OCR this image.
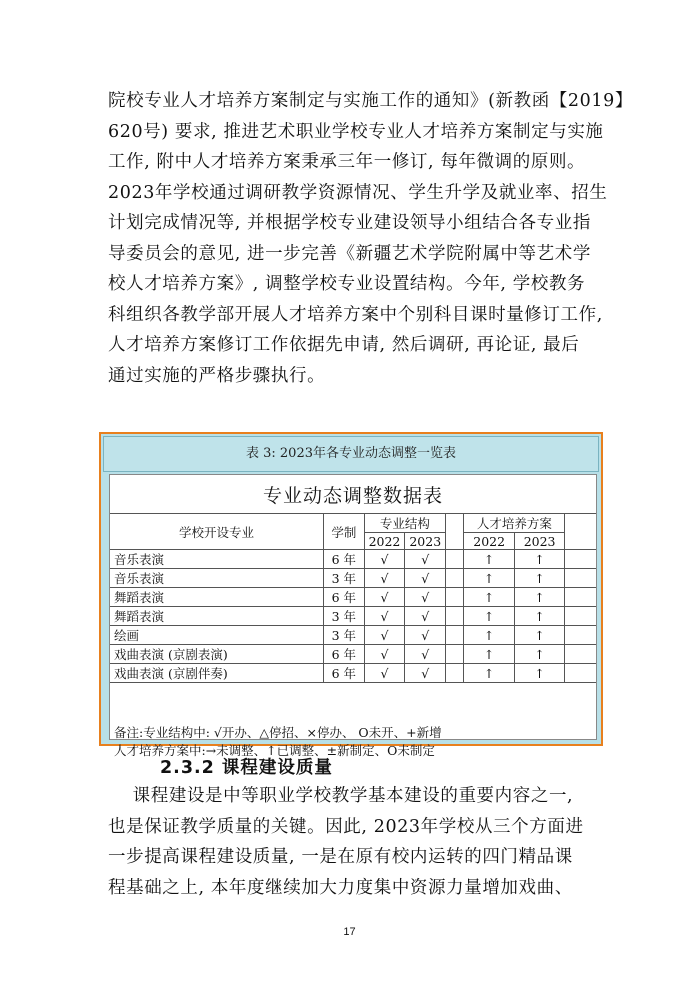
院校专业人才培养方案制定与实施工作的通知》(新教函【2019】
620号) 要求, 推进艺术职业学校专业人才培养方案制定与实施
工作, 附中人才培养方案秉承三年一修订, 每年微调的原则。
2023年学校通过调研教学资源情况、学生升学及就业率、招生
计划完成情况等, 并根据学校专业建设领导小组结合各专业指
导委员会的意见, 进一步完善《新疆艺术学院附属中等艺术学
校人才培养方案》, 调整学校专业设置结构。今年, 学校教务
科组织各教学部开展人才培养方案中个别科目课时量修订工作,
人才培养方案修订工作依据先申请, 然后调研, 再论证, 最后
通过实施的严格步骤执行。
表 3: 2023年各专业动态调整一览表
专业动态调整数据表
学校开设专业	学制	专业结构			人才培养方案		
		2022	2023		2022	2023	
音乐表演	6 年	√	√		↑	↑	
音乐表演	3 年	√	√		↑	↑	
舞蹈表演	6 年	√	√		↑	↑	
舞蹈表演	3 年	√	√		↑	↑	
绘画	3 年	√	√		↑	↑	
戏曲表演 (京剧表演)	6 年	√	√		↑	↑	
戏曲表演 (京剧伴奏)	6 年	√	√		↑	↑	
备注:专业结构中: √开办、△停招、×停办、 O未开、+新增
人才培养方案中:→未调整、↑已调整、±新制定、O未制定
2.3.2 课程建设质量
课程建设是中等职业学校教学基本建设的重要内容之一,
也是保证教学质量的关键。因此, 2023年学校从三个方面进
一步提高课程建设质量, 一是在原有校内运转的四门精品课
程基础之上, 本年度继续加大力度集中资源力量增加戏曲、
17
